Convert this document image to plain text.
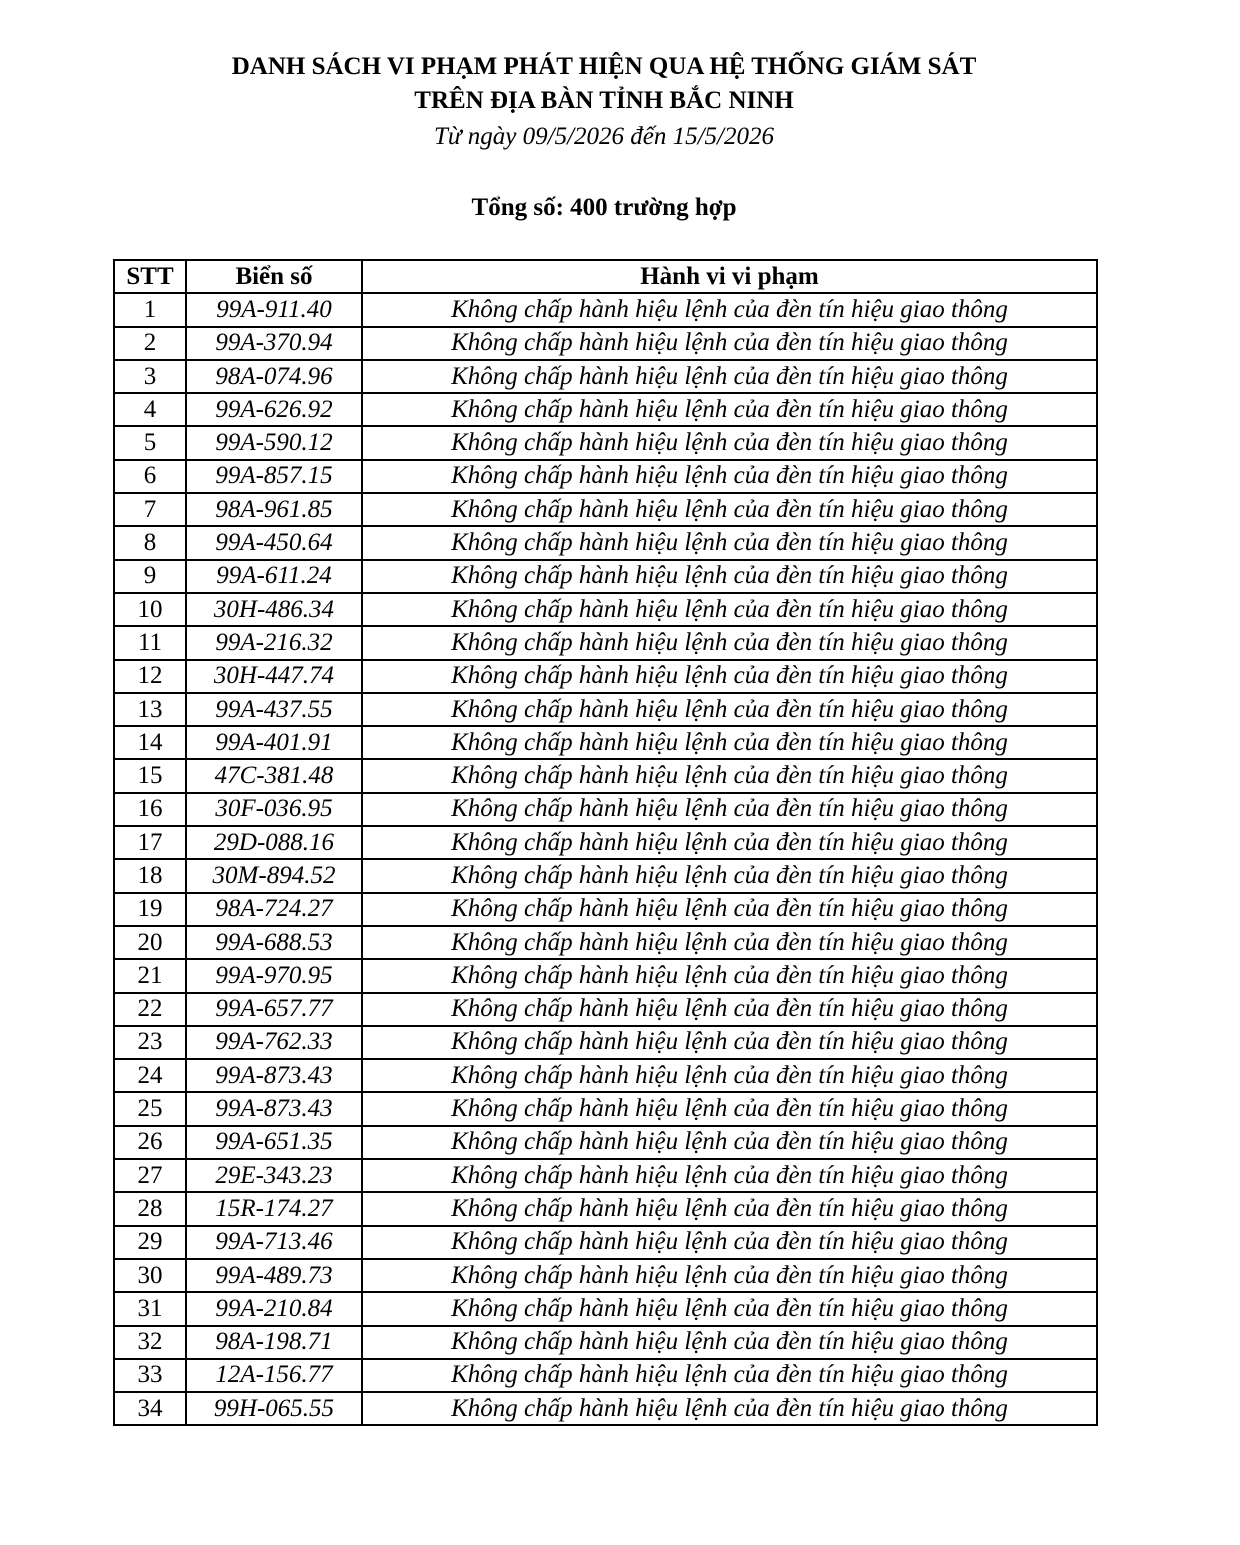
DANH SÁCH VI PHẠM PHÁT HIỆN QUA HỆ THỐNG GIÁM SÁT
TRÊN ĐỊA BÀN TỈNH BẮC NINH
Từ ngày 09/5/2026 đến 15/5/2026
Tổng số: 400 trường hợp
STT	Biển số	Hành vi vi phạm
1	99A-911.40	Không chấp hành hiệu lệnh của đèn tín hiệu giao thông
2	99A-370.94	Không chấp hành hiệu lệnh của đèn tín hiệu giao thông
3	98A-074.96	Không chấp hành hiệu lệnh của đèn tín hiệu giao thông
4	99A-626.92	Không chấp hành hiệu lệnh của đèn tín hiệu giao thông
5	99A-590.12	Không chấp hành hiệu lệnh của đèn tín hiệu giao thông
6	99A-857.15	Không chấp hành hiệu lệnh của đèn tín hiệu giao thông
7	98A-961.85	Không chấp hành hiệu lệnh của đèn tín hiệu giao thông
8	99A-450.64	Không chấp hành hiệu lệnh của đèn tín hiệu giao thông
9	99A-611.24	Không chấp hành hiệu lệnh của đèn tín hiệu giao thông
10	30H-486.34	Không chấp hành hiệu lệnh của đèn tín hiệu giao thông
11	99A-216.32	Không chấp hành hiệu lệnh của đèn tín hiệu giao thông
12	30H-447.74	Không chấp hành hiệu lệnh của đèn tín hiệu giao thông
13	99A-437.55	Không chấp hành hiệu lệnh của đèn tín hiệu giao thông
14	99A-401.91	Không chấp hành hiệu lệnh của đèn tín hiệu giao thông
15	47C-381.48	Không chấp hành hiệu lệnh của đèn tín hiệu giao thông
16	30F-036.95	Không chấp hành hiệu lệnh của đèn tín hiệu giao thông
17	29D-088.16	Không chấp hành hiệu lệnh của đèn tín hiệu giao thông
18	30M-894.52	Không chấp hành hiệu lệnh của đèn tín hiệu giao thông
19	98A-724.27	Không chấp hành hiệu lệnh của đèn tín hiệu giao thông
20	99A-688.53	Không chấp hành hiệu lệnh của đèn tín hiệu giao thông
21	99A-970.95	Không chấp hành hiệu lệnh của đèn tín hiệu giao thông
22	99A-657.77	Không chấp hành hiệu lệnh của đèn tín hiệu giao thông
23	99A-762.33	Không chấp hành hiệu lệnh của đèn tín hiệu giao thông
24	99A-873.43	Không chấp hành hiệu lệnh của đèn tín hiệu giao thông
25	99A-873.43	Không chấp hành hiệu lệnh của đèn tín hiệu giao thông
26	99A-651.35	Không chấp hành hiệu lệnh của đèn tín hiệu giao thông
27	29E-343.23	Không chấp hành hiệu lệnh của đèn tín hiệu giao thông
28	15R-174.27	Không chấp hành hiệu lệnh của đèn tín hiệu giao thông
29	99A-713.46	Không chấp hành hiệu lệnh của đèn tín hiệu giao thông
30	99A-489.73	Không chấp hành hiệu lệnh của đèn tín hiệu giao thông
31	99A-210.84	Không chấp hành hiệu lệnh của đèn tín hiệu giao thông
32	98A-198.71	Không chấp hành hiệu lệnh của đèn tín hiệu giao thông
33	12A-156.77	Không chấp hành hiệu lệnh của đèn tín hiệu giao thông
34	99H-065.55	Không chấp hành hiệu lệnh của đèn tín hiệu giao thông
